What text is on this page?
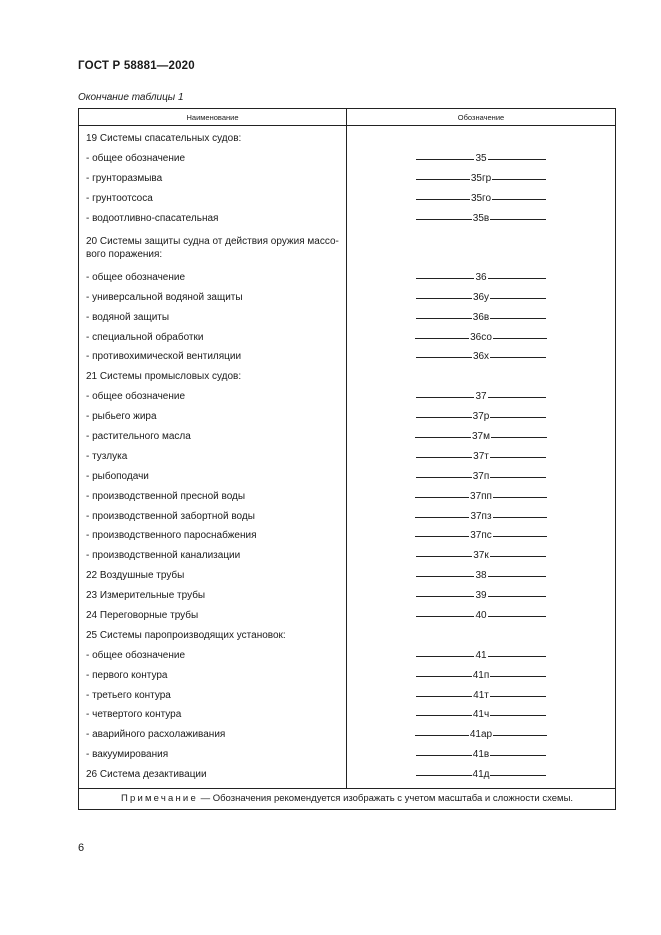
ГОСТ Р 58881—2020
Окончание таблицы 1
Наименование	Обозначение
19 Системы спасательных судов:	
- общее обозначение	35
- грунторазмыва	35гр
- грунтоотсоса	35го
- водоотливно-спасательная	35в
20 Системы защиты судна от действия оружия массо-вого поражения:	
- общее обозначение	36
- универсальной водяной защиты	36у
- водяной защиты	36в
- специальной обработки	36со
- противохимической вентиляции	36х
21 Системы промысловых судов:	
- общее обозначение	37
- рыбьего жира	37р
- растительного масла	37м
- тузлука	37т
- рыбоподачи	37п
- производственной пресной воды	37пп
- производственной забортной воды	37пз
- производственного пароснабжения	37пс
- производственной канализации	37к
22 Воздушные трубы	38
23 Измерительные трубы	39
24 Переговорные трубы	40
25 Системы паропроизводящих установок:	
- общее обозначение	41
- первого контура	41п
- третьего контура	41т
- четвертого контура	41ч
- аварийного расхолаживания	41ар
- вакуумирования	41в
26 Система дезактивации	41д
Примечание — Обозначения рекомендуется изображать с учетом масштаба и сложности схемы.	
6
